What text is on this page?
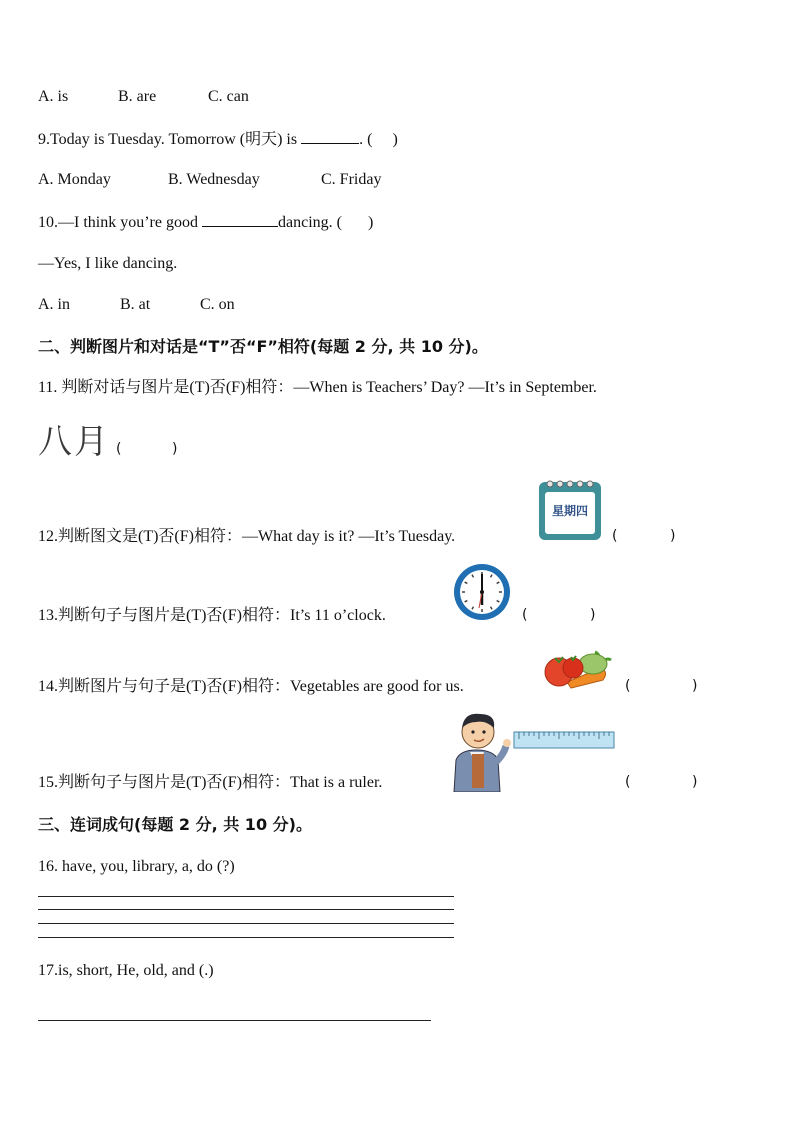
A. is	B. are	C. can
9.Today is Tuesday. Tomorrow (明天) is	. ( )
A. Monday	B. Wednesday	C. Friday
10.—I think you’re good	dancing. ( )
—Yes, I like dancing.
A. in	B. at	C. on
二、判断图片和对话是“T”否“F”相符(每题 2 分, 共 10 分)。
11. 判断对话与图片是(T)否(F)相符：—When is Teachers’ Day? —It’s in September.
八月 (	)
12.判断图文是(T)否(F)相符：—What day is it? —It’s Tuesday.
星期四
(	)
13.判断句子与图片是(T)否(F)相符：It’s 11 o’clock.	(	)
14.判断图片与句子是(T)否(F)相符：Vegetables are good for us.	(	)
15.判断句子与图片是(T)否(F)相符：That is a ruler.	(	)
三、连词成句(每题 2 分, 共 10 分)。
16. have, you, library, a, do (?)
17.is, short, He, old, and (.)
